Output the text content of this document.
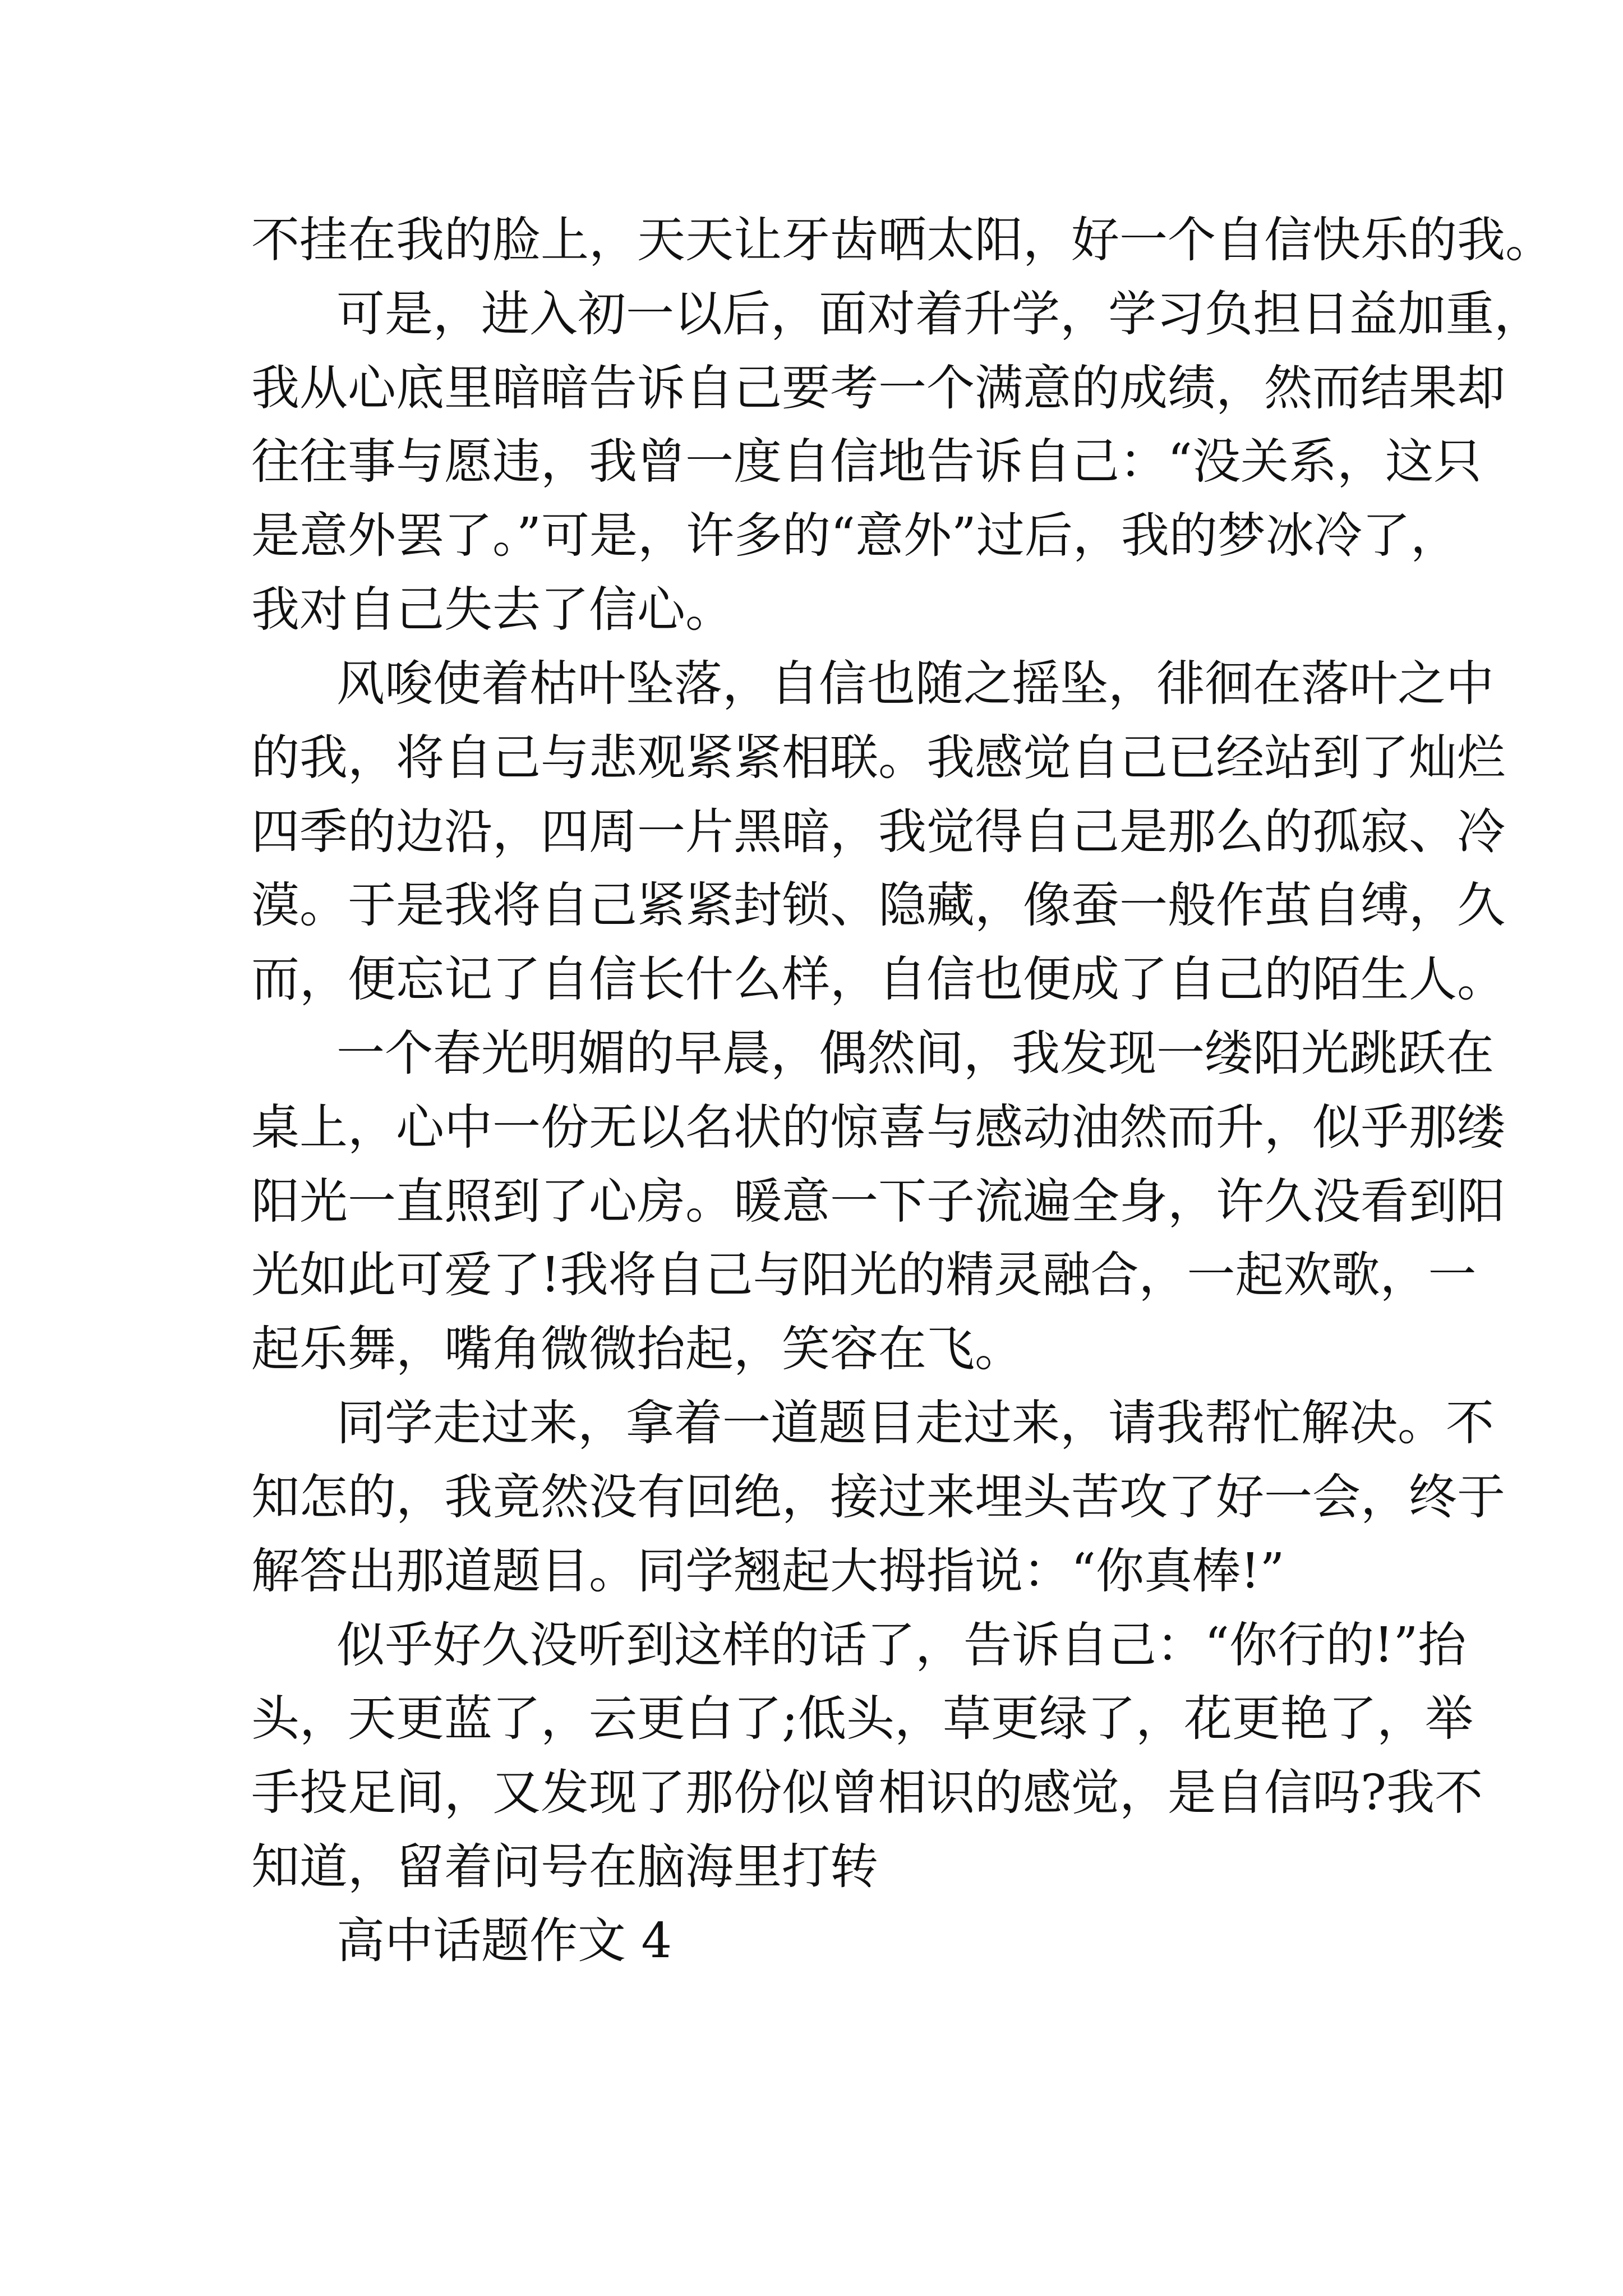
不挂在我的脸上，天天让牙齿晒太阳，好一个自信快乐的我。
可是，进入初一以后，面对着升学，学习负担日益加重，
我从心底里暗暗告诉自己要考一个满意的成绩，然而结果却
往往事与愿违，我曾一度自信地告诉自己：“没关系，这只
是意外罢了。”可是，许多的“意外”过后，我的梦冰冷了，
我对自己失去了信心。
风唆使着枯叶坠落，自信也随之摇坠，徘徊在落叶之中
的我，将自己与悲观紧紧相联。我感觉自己已经站到了灿烂
四季的边沿，四周一片黑暗，我觉得自己是那么的孤寂、冷
漠。于是我将自己紧紧封锁、隐藏，像蚕一般作茧自缚，久
而，便忘记了自信长什么样，自信也便成了自己的陌生人。
一个春光明媚的早晨，偶然间，我发现一缕阳光跳跃在
桌上，心中一份无以名状的惊喜与感动油然而升，似乎那缕
阳光一直照到了心房。暖意一下子流遍全身，许久没看到阳
光如此可爱了!我将自己与阳光的精灵融合，一起欢歌，一
起乐舞，嘴角微微抬起，笑容在飞。
同学走过来，拿着一道题目走过来，请我帮忙解决。不
知怎的，我竟然没有回绝，接过来埋头苦攻了好一会，终于
解答出那道题目。同学翘起大拇指说：“你真棒!”
似乎好久没听到这样的话了，告诉自己：“你行的!”抬
头，天更蓝了，云更白了;低头，草更绿了，花更艳了，举
手投足间，又发现了那份似曾相识的感觉，是自信吗?我不
知道，留着问号在脑海里打转
高中话题作文 4
